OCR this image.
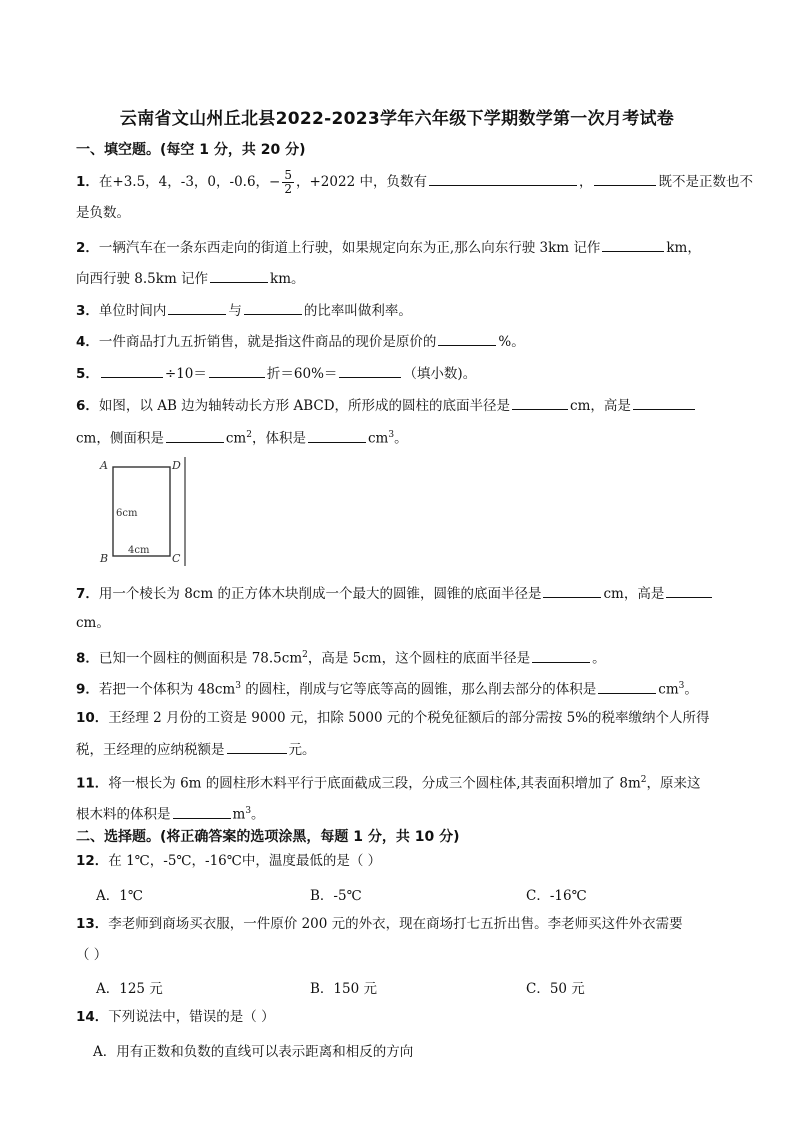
云南省文山州丘北县2022-2023学年六年级下学期数学第一次月考试卷
一、填空题。(每空 1 分，共 20 分)
1．在+3.5，4，-3，0，-0.6，− $\frac{5}{2}$ ，+2022 中，负数有	，	既不是正数也不
是负数。
2．一辆汽车在一条东西走向的街道上行驶，如果规定向东为正,那么向东行驶 3km 记作	km，
向西行驶 8.5km 记作	km。
3．单位时间内	与	的比率叫做利率。
4．一件商品打九五折销售，就是指这件商品的现价是原价的	%。
5．	÷10＝	折＝60%＝	（填小数)。
6．如图，以 AB 边为轴转动长方形 ABCD，所形成的圆柱的底面半径是	cm，高是
cm，侧面积是	$cm^2$，体积是	$cm^3$。
A
B	C
D
6cm
4cm
7．用一个棱长为 8cm 的正方体木块削成一个最大的圆锥，圆锥的底面半径是	cm，高是
cm。
8．已知一个圆柱的侧面积是 $78.5cm^2$，高是 5cm，这个圆柱的底面半径是	。
9．若把一个体积为 $48cm^3$ 的圆柱，削成与它等底等高的圆锥，那么削去部分的体积是	$cm^3$。
10．王经理 2 月份的工资是 9000 元，扣除 5000 元的个税免征额后的部分需按 5%的税率缴纳个人所得
税，王经理的应纳税额是	元。
11．将一根长为 6m 的圆柱形木料平行于底面截成三段，分成三个圆柱体,其表面积增加了 $8m^2$，原来这
根木料的体积是	$m^3$。
二、选择题。(将正确答案的选项涂黑，每题 1 分，共 10 分)
12．在 1℃，-5℃，-16℃中，温度最低的是（ ）
A．1℃	B．-5℃	C．-16℃
13．李老师到商场买衣服，一件原价 200 元的外衣，现在商场打七五折出售。李老师买这件外衣需要
（ ）
A．125 元	B．150 元	C．50 元
14．下列说法中，错误的是（ ）
A．用有正数和负数的直线可以表示距离和相反的方向
